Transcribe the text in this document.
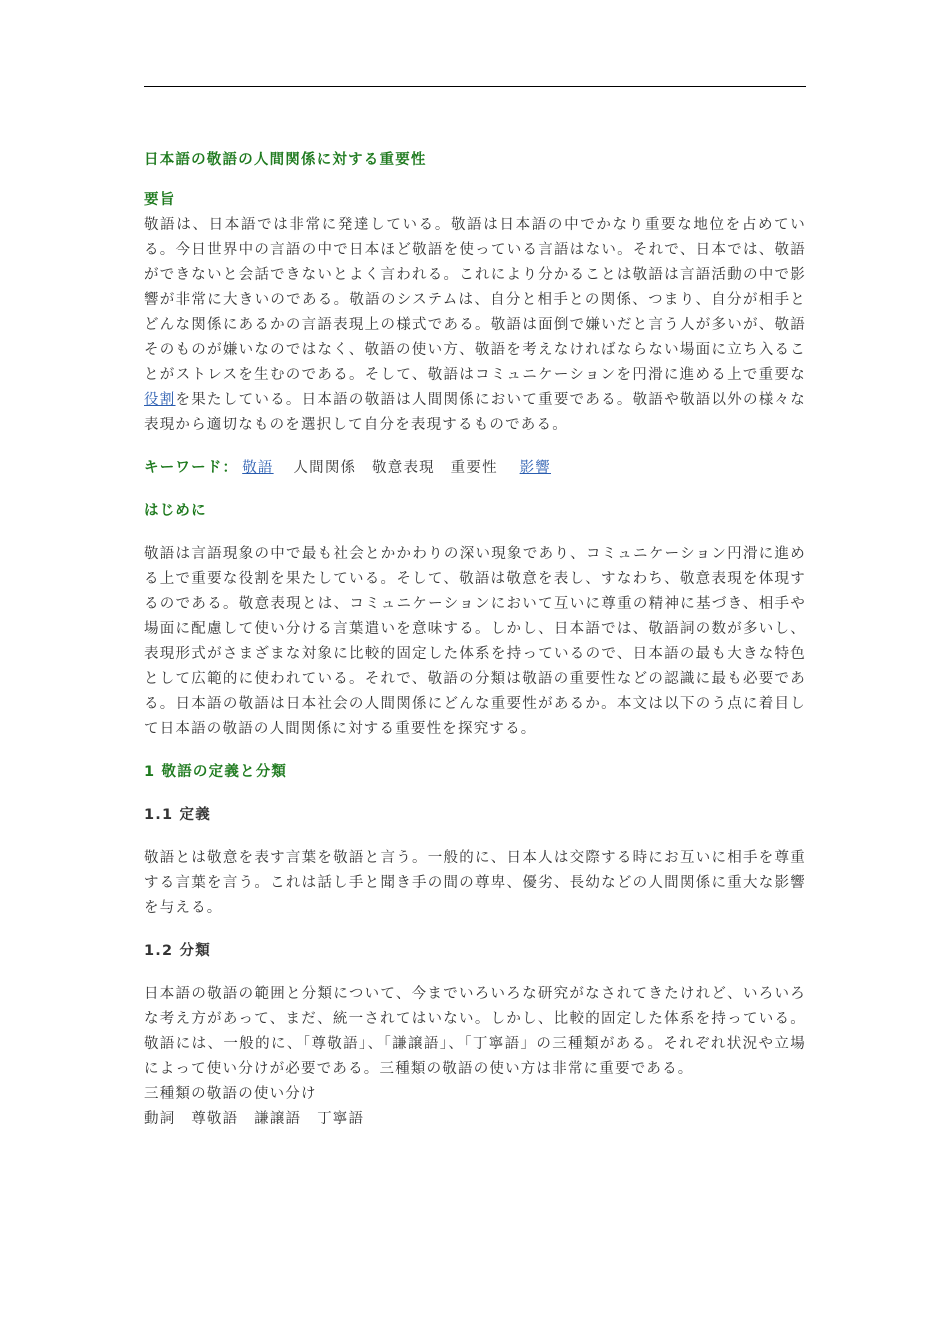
日本語の敬語の人間関係に対する重要性
要旨

敬語は、日本語では非常に発達している。敬語は日本語の中でかなり重要な地位を占めている。今日世界中の言語の中で日本ほど敬語を使っている言語はない。それで、日本では、敬語ができないと会話できないとよく言われる。これにより分かることは敬語は言語活動の中で影響が非常に大きいのである。敬語のシステムは、自分と相手との関係、つまり、自分が相手とどんな関係にあるかの言語表現上の様式である。敬語は面倒で嫌いだと言う人が多いが、敬語そのものが嫌いなのではなく、敬語の使い方、敬語を考えなければならない場面に立ち入ることがストレスを生むのである。そして、敬語はコミュニケーションを円滑に進める上で重要な役割を果たしている。日本語の敬語は人間関係において重要である。敬語や敬語以外の様々な表現から適切なものを選択して自分を表現するものである。

キーワード： 敬語 人間関係 敬意表現 重要性 影響
はじめに

敬語は言語現象の中で最も社会とかかわりの深い現象であり、コミュニケーション円滑に進める上で重要な役割を果たしている。そして、敬語は敬意を表し、すなわち、敬意表現を体現するのである。敬意表現とは、コミュニケーションにおいて互いに尊重の精神に基づき、相手や場面に配慮して使い分ける言葉遣いを意味する。しかし、日本語では、敬語詞の数が多いし、表現形式がさまざまな対象に比較的固定した体系を持っているので、日本語の最も大きな特色として広範的に使われている。それで、敬語の分類は敬語の重要性などの認識に最も必要である。日本語の敬語は日本社会の人間関係にどんな重要性があるか。本文は以下のう点に着目して日本語の敬語の人間関係に対する重要性を探究する。

1 敬語の定義と分類
1.1 定義

敬語とは敬意を表す言葉を敬語と言う。一般的に、日本人は交際する時にお互いに相手を尊重する言葉を言う。これは話し手と聞き手の間の尊卑、優劣、長幼などの人間関係に重大な影響を与える。

1.2 分類

日本語の敬語の範囲と分類について、今までいろいろな研究がなされてきたけれど、いろいろな考え方があって、まだ、統一されてはいない。しかし、比較的固定した体系を持っている。敬語には、一般的に、「尊敬語」、「謙譲語」、「丁寧語」の三種類がある。それぞれ状況や立場によって使い分けが必要である。三種類の敬語の使い方は非常に重要である。

三種類の敬語の使い分け
動詞 尊敬語 謙譲語 丁寧語
